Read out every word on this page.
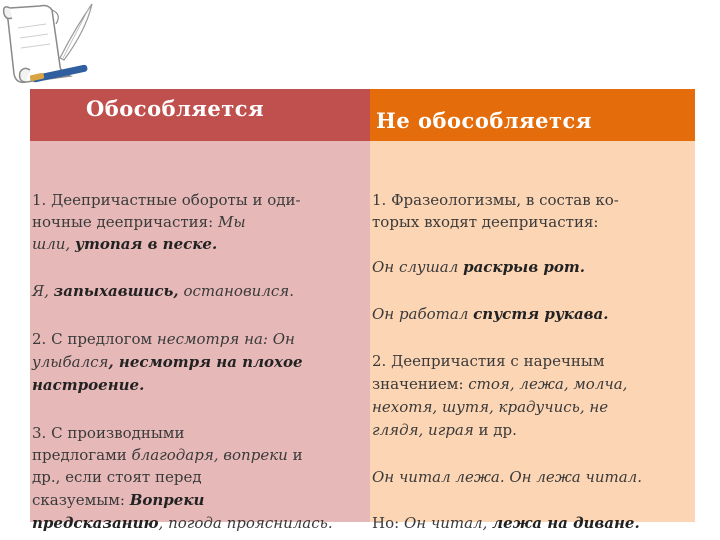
Обособляется
1. Деепричастные обороты и оди-
ночные деепричастия: Мы
шли, утопая в песке.
Я, запыхавшись, остановился.
2. С предлогом несмотря на: Он
улыбался, несмотря на плохое
настроение.
3. С производными
предлогами благодаря, вопреки и
др., если стоят перед
сказуемым: Вопреки
предсказанию, погода прояснилась.
Не обособляется
1. Фразеологизмы, в состав ко-
торых входят деепричастия:
Он слушал раскрыв рот.
Он работал спустя рукава.
2. Деепричастия с наречным
значением: стоя, лежа, молча,
нехотя, шутя, крадучись, не
глядя, играя и др.
Он читал лежа. Он лежа читал.
Но: Он читал, лежа на диване.
